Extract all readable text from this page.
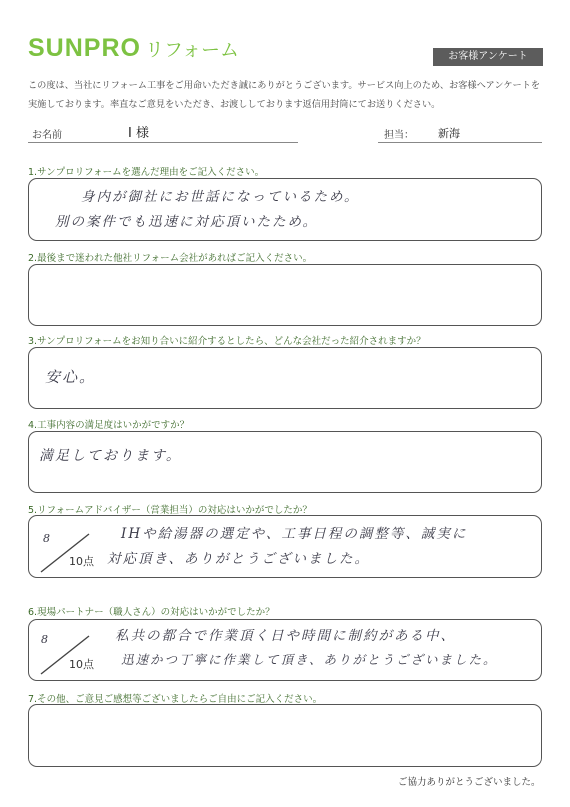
SUNPRO リフォーム	お客様アンケート
この度は、当社にリフォーム工事をご用命いただき誠にありがとうございます。サービス向上のため、お客様へアンケートを実施しております。率直なご意見をいただき、お渡ししております返信用封筒にてお送りください。
お名前	I 様	担当： 新海
1.サンプロリフォームを選んだ理由をご記入ください。
身内が御社にお世話になっているため。
別の案件でも迅速に対応頂いたため。
2.最後まで迷われた他社リフォーム会社があればご記入ください。
3.サンプロリフォームをお知り合いに紹介するとしたら、どんな会社だった紹介されますか？
安心。
4.工事内容の満足度はいかがですか？
満足しております。
5.リフォームアドバイザー（営業担当）の対応はいかがでしたか？
8
10点
IHや給湯器の選定や、工事日程の調整等、誠実に
対応頂き、ありがとうございました。
6.現場パートナー（職人さん）の対応はいかがでしたか？
8
10点
私共の都合で作業頂く日や時間に制約がある中、
迅速かつ丁寧に作業して頂き、ありがとうございました。
7.その他、ご意見ご感想等ございましたらご自由にご記入ください。
ご協力ありがとうございました。
